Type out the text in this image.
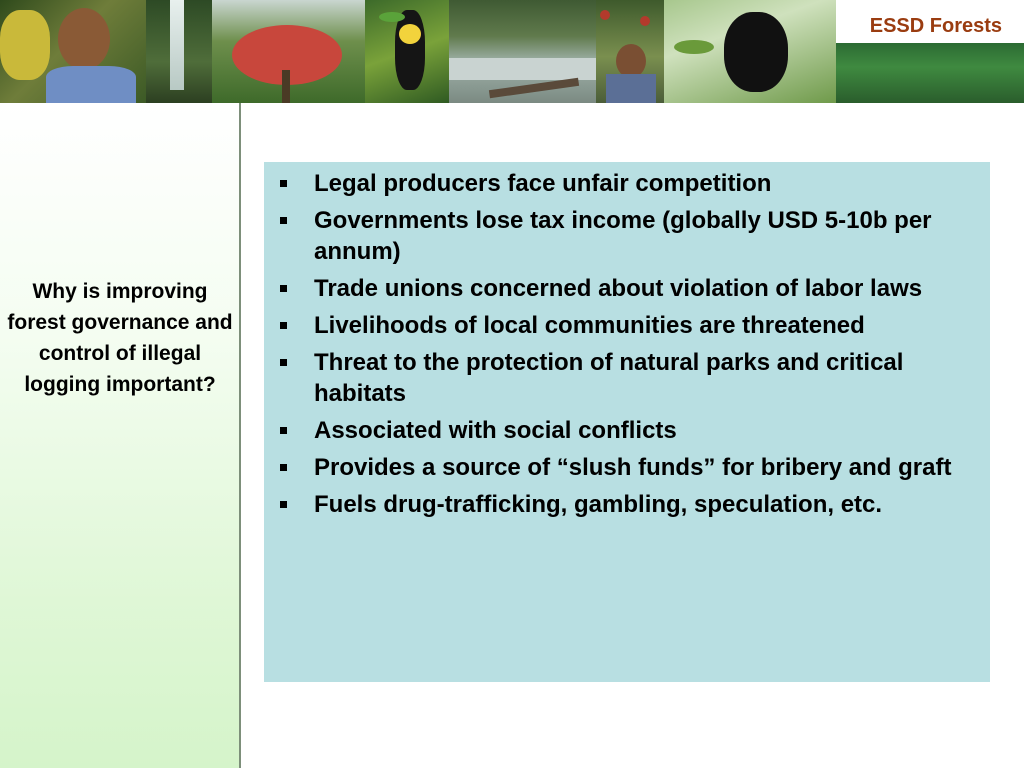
ESSD Forests
Why is improving forest governance and control of illegal logging important?
Legal producers face unfair competition
Governments lose tax income (globally USD 5-10b per annum)
Trade unions concerned about violation of labor laws
Livelihoods of local communities are threatened
Threat to the protection of natural parks and critical habitats
Associated with social conflicts
Provides a source of “slush funds” for bribery and graft
Fuels drug-trafficking, gambling, speculation, etc.
